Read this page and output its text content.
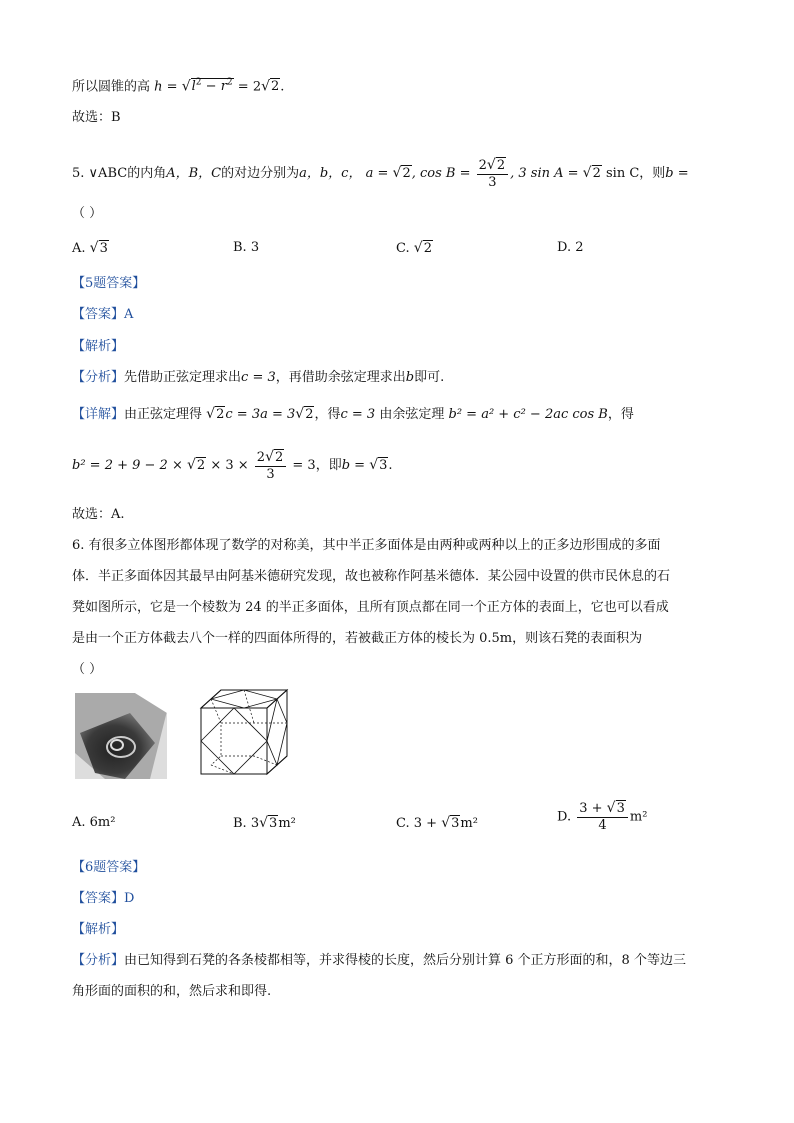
所以圆锥的高 $h = √l^2 - r^2 = 2√2$.
故选：B
5. ∨ABC的内角A，B，C的对边分别为a，b，c， a = √2, $\cos B = \frac{2√2}{3}$ , 3 sin A = √2 sin C，则b =
（ ）
A. √3	B. 3	C. √2	D. 2
【5题答案】
【答案】A
【解析】
【分析】先借助正弦定理求出c = 3，再借助余弦定理求出b即可.
【详解】由正弦定理得 √2c = 3a = 3√2，得c = 3 由余弦定理 b² = a² + c² − 2ac cos B，得
$b^2 = 2 + 9 - 2 \times √2 \times 3 \times \frac{2√2}{3} = 3$，即b = √3.
故选：A.
6. 有很多立体图形都体现了数学的对称美，其中半正多面体是由两种或两种以上的正多边形围成的多面
体．半正多面体因其最早由阿基米德研究发现，故也被称作阿基米德体．某公园中设置的供市民休息的石
凳如图所示，它是一个棱数为 24 的半正多面体，且所有顶点都在同一个正方体的表面上，它也可以看成
是由一个正方体截去八个一样的四面体所得的，若被截正方体的棱长为 0.5m，则该石凳的表面积为
（ ）
A. 6m²	B. 3√3m²	C. 3 + √3m²	D. $\frac{3 + √3}{4} m^2$
【6题答案】
【答案】D
【解析】
【分析】由已知得到石凳的各条棱都相等，并求得棱的长度，然后分别计算 6 个正方形面的和，8 个等边三
角形面的面积的和，然后求和即得.
